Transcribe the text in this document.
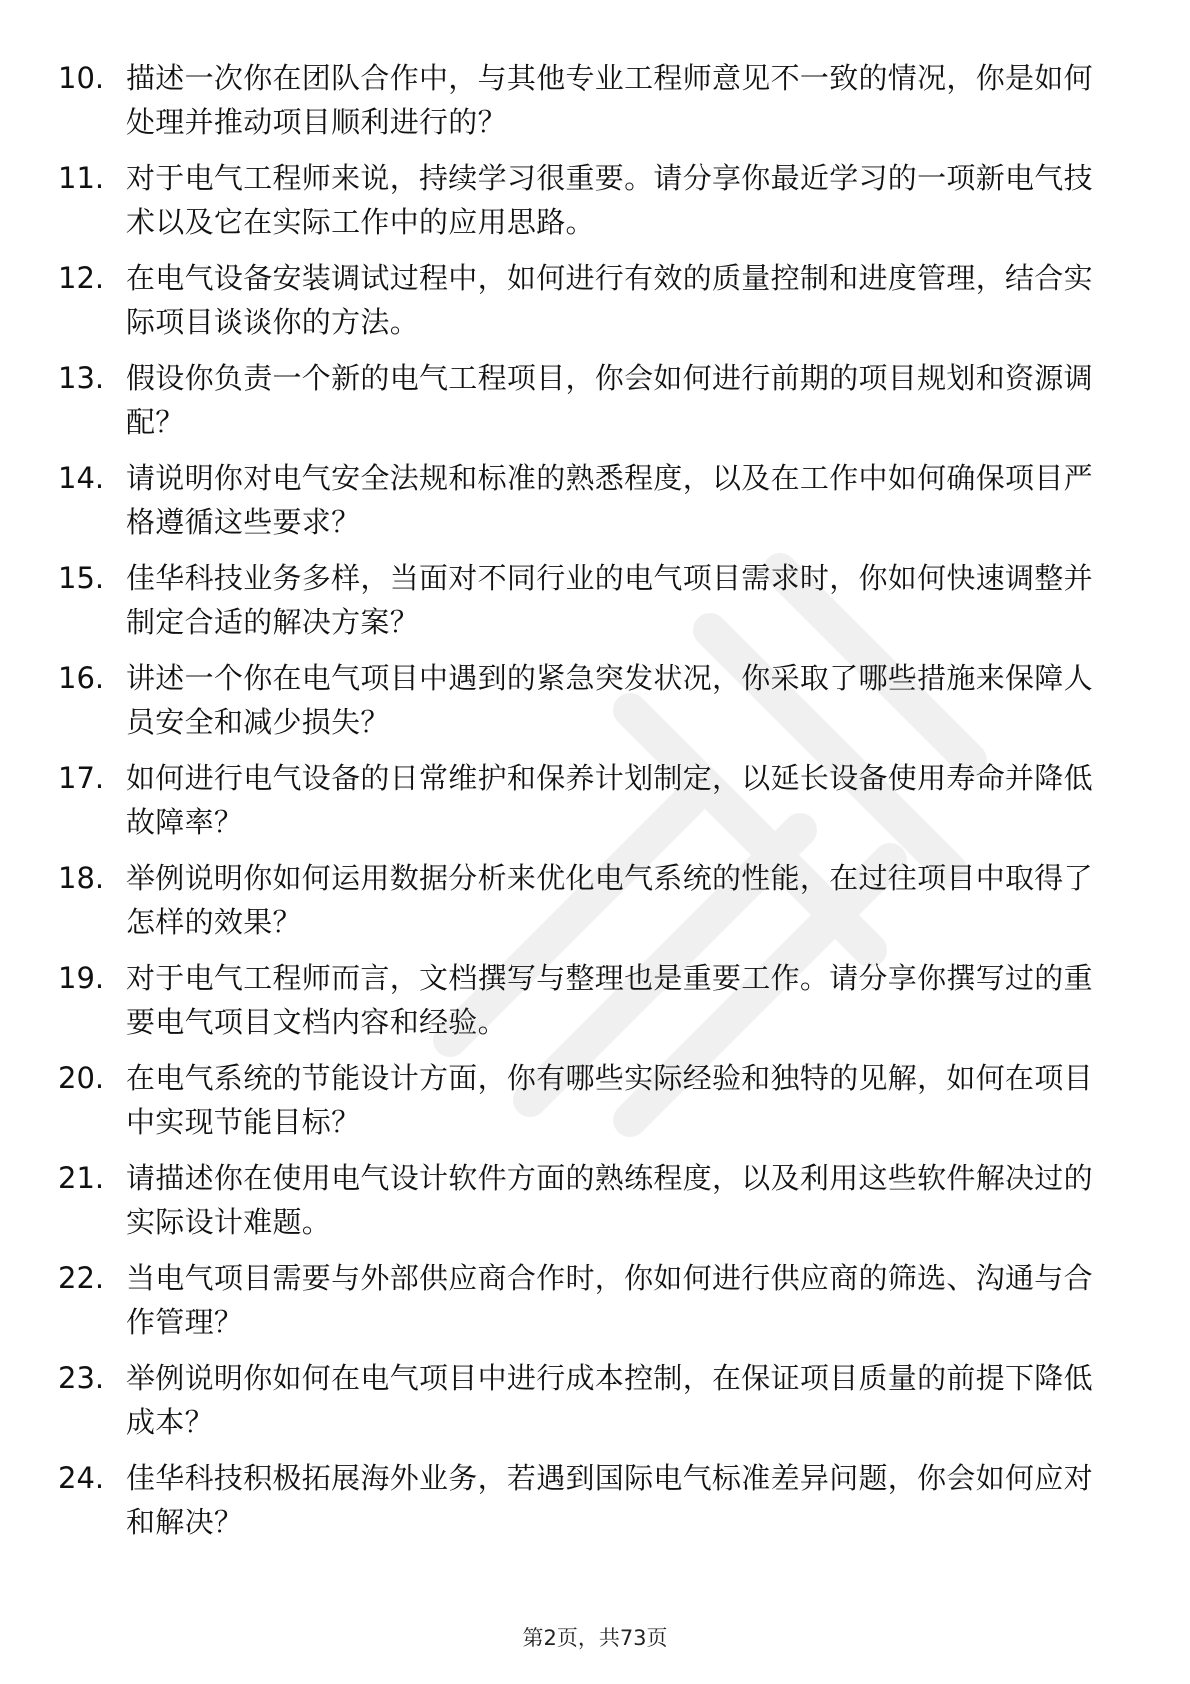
10. 描述一次你在团队合作中，与其他专业工程师意见不一致的情况，你是如何处理并推动项目顺利进行的？
11. 对于电气工程师来说，持续学习很重要。请分享你最近学习的一项新电气技术以及它在实际工作中的应用思路。
12. 在电气设备安装调试过程中，如何进行有效的质量控制和进度管理，结合实际项目谈谈你的方法。
13. 假设你负责一个新的电气工程项目，你会如何进行前期的项目规划和资源调配？
14. 请说明你对电气安全法规和标准的熟悉程度，以及在工作中如何确保项目严格遵循这些要求？
15. 佳华科技业务多样，当面对不同行业的电气项目需求时，你如何快速调整并制定合适的解决方案？
16. 讲述一个你在电气项目中遇到的紧急突发状况，你采取了哪些措施来保障人员安全和减少损失？
17. 如何进行电气设备的日常维护和保养计划制定，以延长设备使用寿命并降低故障率？
18. 举例说明你如何运用数据分析来优化电气系统的性能，在过往项目中取得了怎样的效果？
19. 对于电气工程师而言，文档撰写与整理也是重要工作。请分享你撰写过的重要电气项目文档内容和经验。
20. 在电气系统的节能设计方面，你有哪些实际经验和独特的见解，如何在项目中实现节能目标？
21. 请描述你在使用电气设计软件方面的熟练程度，以及利用这些软件解决过的实际设计难题。
22. 当电气项目需要与外部供应商合作时，你如何进行供应商的筛选、沟通与合作管理？
23. 举例说明你如何在电气项目中进行成本控制，在保证项目质量的前提下降低成本？
24. 佳华科技积极拓展海外业务，若遇到国际电气标准差异问题，你会如何应对和解决？
第2页，共73页
